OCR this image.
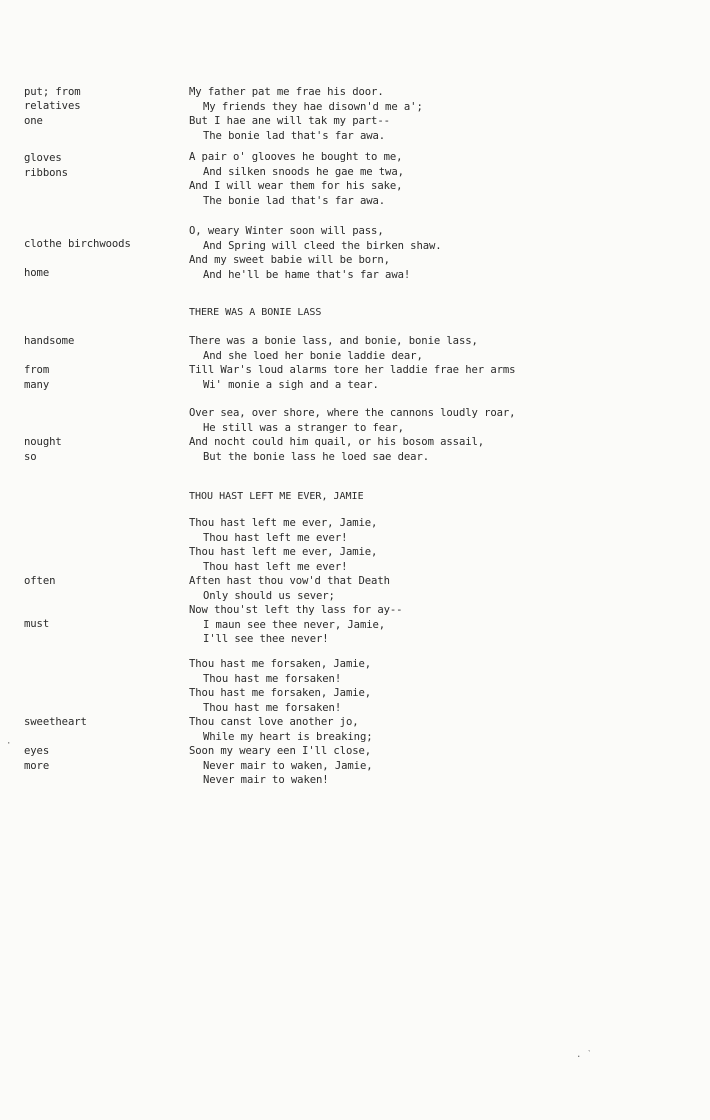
put; from
relatives
one
gloves
ribbons
clothe birchwoods
home
handsome
from
many
nought
so
often
must
sweetheart
eyes
more
My father pat me frae his door.
My friends they hae disown'd me a';
But I hae ane will tak my part--
The bonie lad that's far awa.
A pair o' glooves he bought to me,
And silken snoods he gae me twa,
And I will wear them for his sake,
The bonie lad that's far awa.
O, weary Winter soon will pass,
And Spring will cleed the birken shaw.
And my sweet babie will be born,
And he'll be hame that's far awa!
THERE WAS A BONIE LASS
There was a bonie lass, and bonie, bonie lass,
And she loed her bonie laddie dear,
Till War's loud alarms tore her laddie frae her arms
Wi' monie a sigh and a tear.
Over sea, over shore, where the cannons loudly roar,
He still was a stranger to fear,
And nocht could him quail, or his bosom assail,
But the bonie lass he loed sae dear.
THOU HAST LEFT ME EVER, JAMIE
Thou hast left me ever, Jamie,
Thou hast left me ever!
Thou hast left me ever, Jamie,
Thou hast left me ever!
Aften hast thou vow'd that Death
Only should us sever;
Now thou'st left thy lass for ay--
I maun see thee never, Jamie,
I'll see thee never!
Thou hast me forsaken, Jamie,
Thou hast me forsaken!
Thou hast me forsaken, Jamie,
Thou hast me forsaken!
Thou canst love another jo,
While my heart is breaking;
Soon my weary een I'll close,
Never mair to waken, Jamie,
Never mair to waken!
·
. ˋ
